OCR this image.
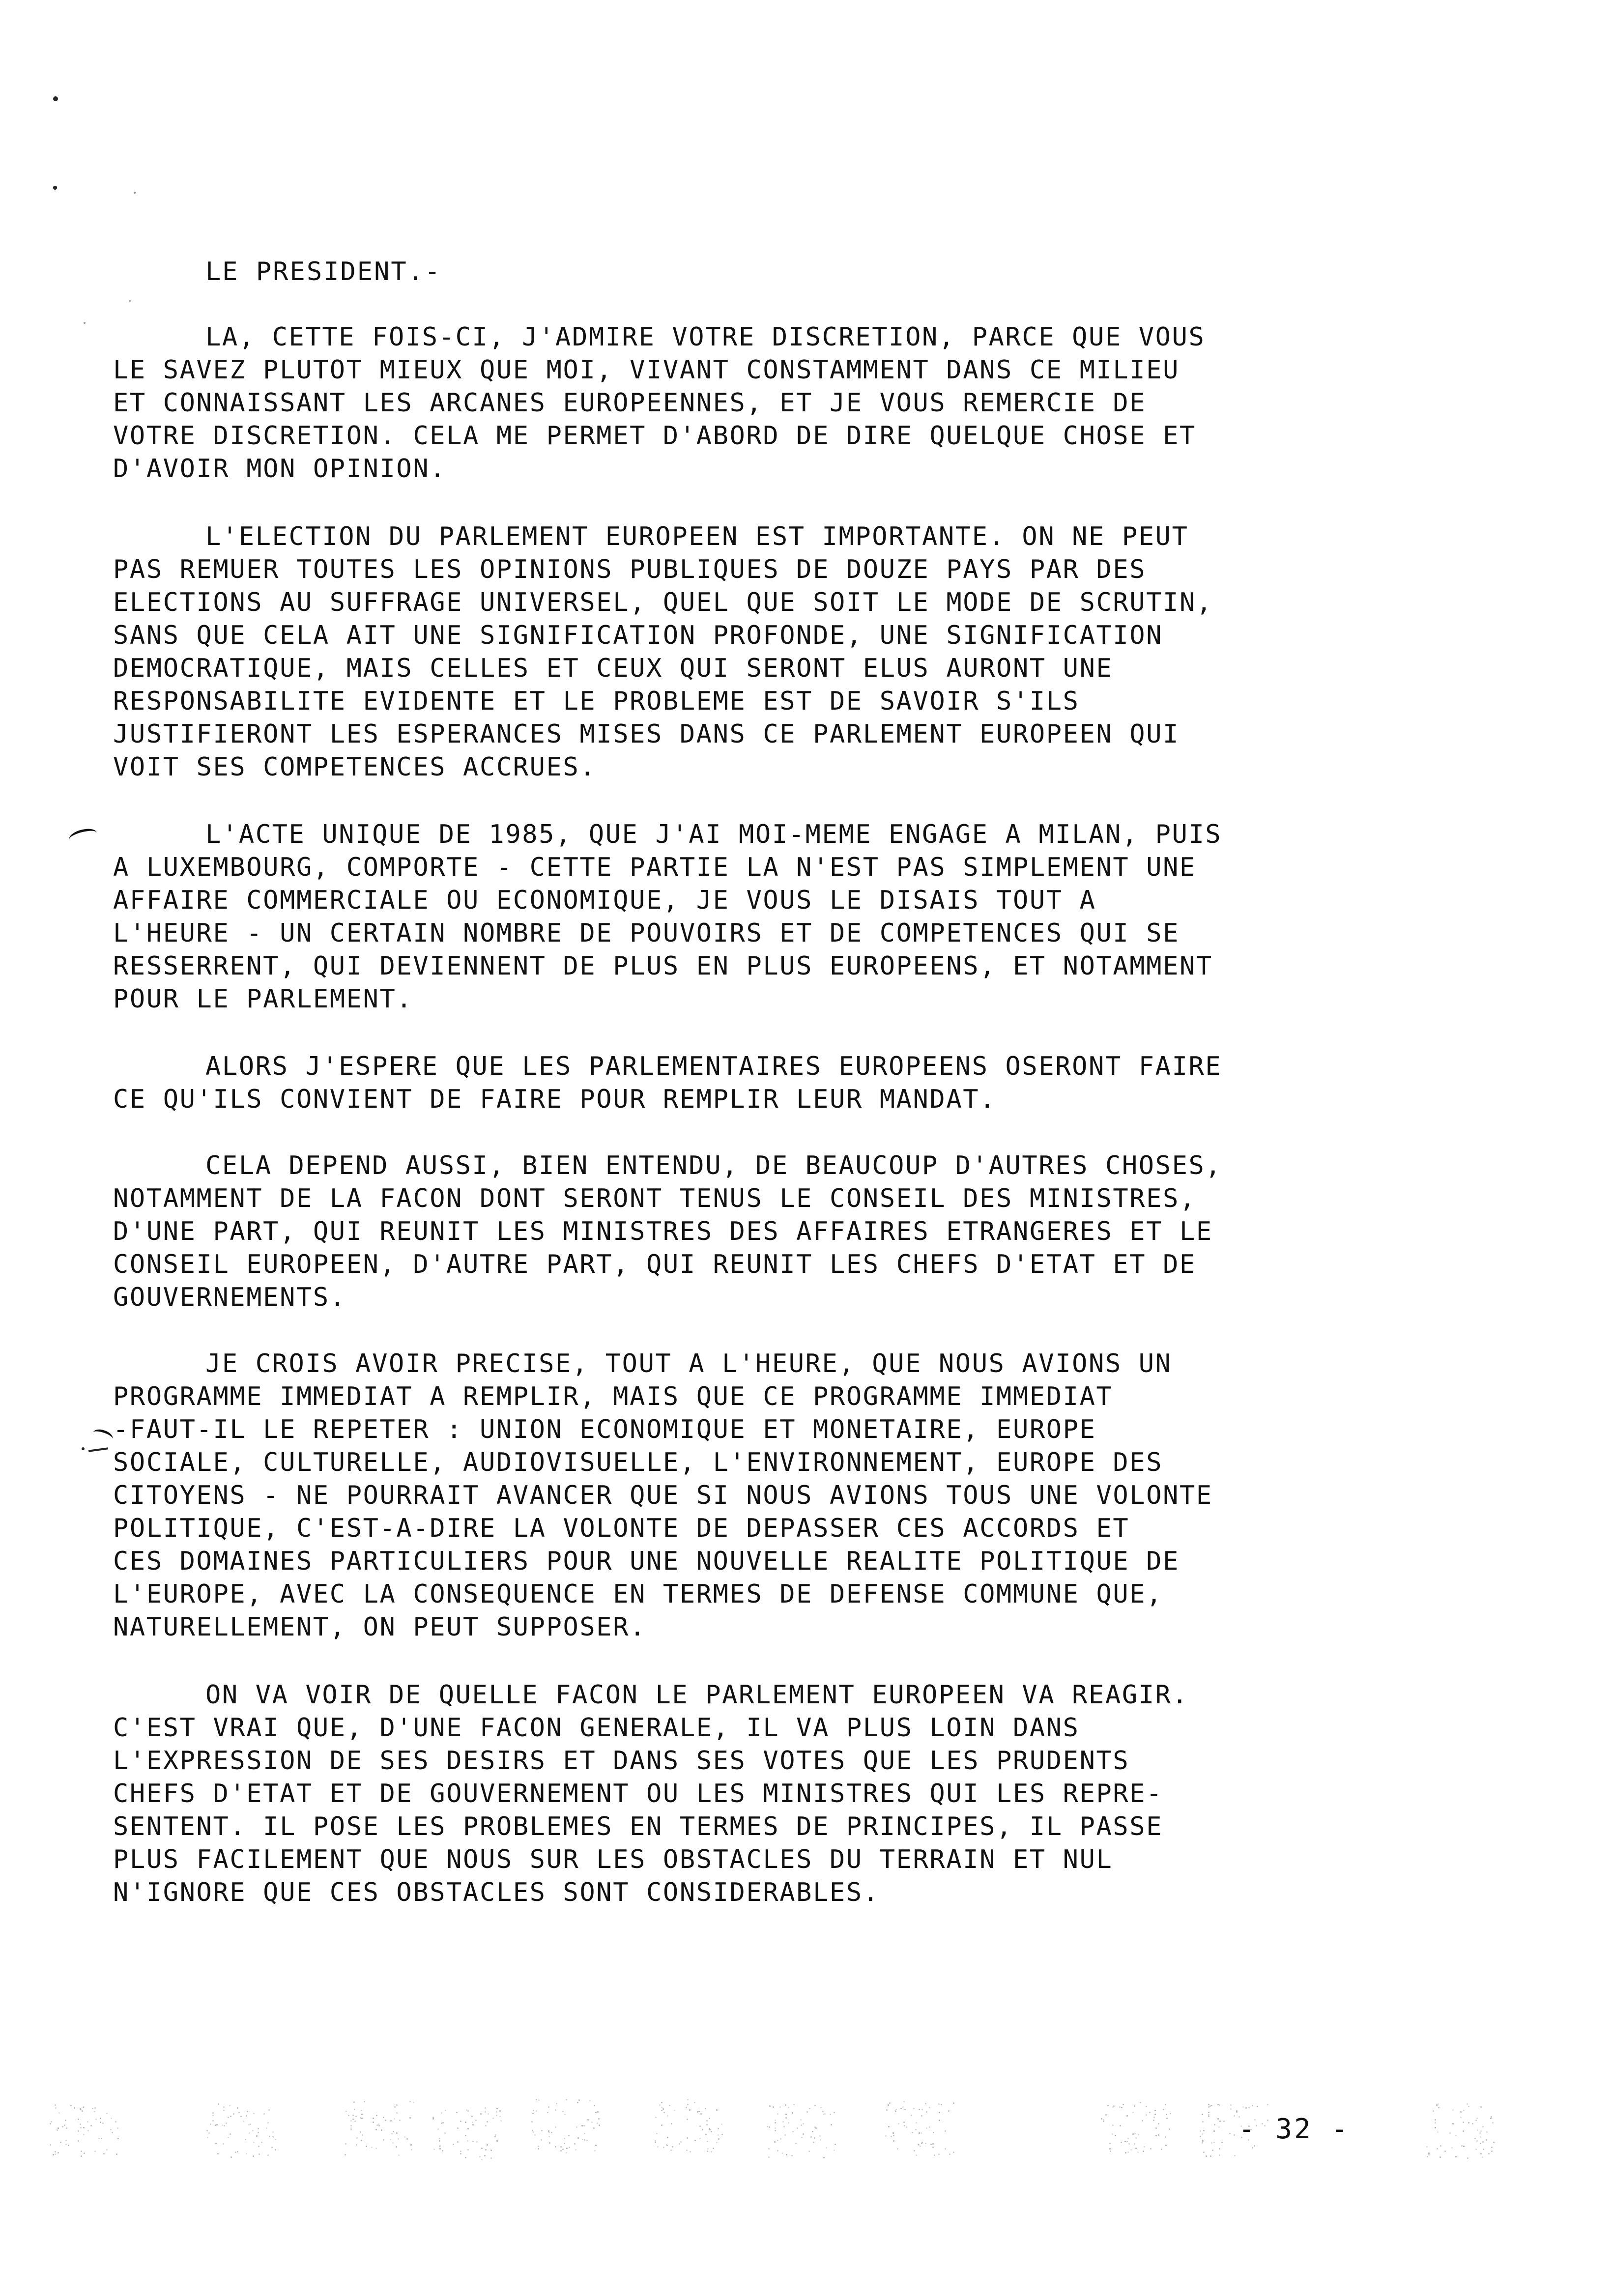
LE PRESIDENT.-
LA, CETTE FOIS-CI, J'ADMIRE VOTRE DISCRETION, PARCE QUE VOUS
LE SAVEZ PLUTOT MIEUX QUE MOI, VIVANT CONSTAMMENT DANS CE MILIEU
ET CONNAISSANT LES ARCANES EUROPEENNES, ET JE VOUS REMERCIE DE
VOTRE DISCRETION. CELA ME PERMET D'ABORD DE DIRE QUELQUE CHOSE ET
D'AVOIR MON OPINION.
L'ELECTION DU PARLEMENT EUROPEEN EST IMPORTANTE. ON NE PEUT
PAS REMUER TOUTES LES OPINIONS PUBLIQUES DE DOUZE PAYS PAR DES
ELECTIONS AU SUFFRAGE UNIVERSEL, QUEL QUE SOIT LE MODE DE SCRUTIN,
SANS QUE CELA AIT UNE SIGNIFICATION PROFONDE, UNE SIGNIFICATION
DEMOCRATIQUE, MAIS CELLES ET CEUX QUI SERONT ELUS AURONT UNE
RESPONSABILITE EVIDENTE ET LE PROBLEME EST DE SAVOIR S'ILS
JUSTIFIERONT LES ESPERANCES MISES DANS CE PARLEMENT EUROPEEN QUI
VOIT SES COMPETENCES ACCRUES.
L'ACTE UNIQUE DE 1985, QUE J'AI MOI-MEME ENGAGE A MILAN, PUIS
A LUXEMBOURG, COMPORTE - CETTE PARTIE LA N'EST PAS SIMPLEMENT UNE
AFFAIRE COMMERCIALE OU ECONOMIQUE, JE VOUS LE DISAIS TOUT A
L'HEURE - UN CERTAIN NOMBRE DE POUVOIRS ET DE COMPETENCES QUI SE
RESSERRENT, QUI DEVIENNENT DE PLUS EN PLUS EUROPEENS, ET NOTAMMENT
POUR LE PARLEMENT.
ALORS J'ESPERE QUE LES PARLEMENTAIRES EUROPEENS OSERONT FAIRE
CE QU'ILS CONVIENT DE FAIRE POUR REMPLIR LEUR MANDAT.
CELA DEPEND AUSSI, BIEN ENTENDU, DE BEAUCOUP D'AUTRES CHOSES,
NOTAMMENT DE LA FACON DONT SERONT TENUS LE CONSEIL DES MINISTRES,
D'UNE PART, QUI REUNIT LES MINISTRES DES AFFAIRES ETRANGERES ET LE
CONSEIL EUROPEEN, D'AUTRE PART, QUI REUNIT LES CHEFS D'ETAT ET DE
GOUVERNEMENTS.
JE CROIS AVOIR PRECISE, TOUT A L'HEURE, QUE NOUS AVIONS UN
PROGRAMME IMMEDIAT A REMPLIR, MAIS QUE CE PROGRAMME IMMEDIAT
-FAUT-IL LE REPETER : UNION ECONOMIQUE ET MONETAIRE, EUROPE
SOCIALE, CULTURELLE, AUDIOVISUELLE, L'ENVIRONNEMENT, EUROPE DES
CITOYENS - NE POURRAIT AVANCER QUE SI NOUS AVIONS TOUS UNE VOLONTE
POLITIQUE, C'EST-A-DIRE LA VOLONTE DE DEPASSER CES ACCORDS ET
CES DOMAINES PARTICULIERS POUR UNE NOUVELLE REALITE POLITIQUE DE
L'EUROPE, AVEC LA CONSEQUENCE EN TERMES DE DEFENSE COMMUNE QUE,
NATURELLEMENT, ON PEUT SUPPOSER.
ON VA VOIR DE QUELLE FACON LE PARLEMENT EUROPEEN VA REAGIR.
C'EST VRAI QUE, D'UNE FACON GENERALE, IL VA PLUS LOIN DANS
L'EXPRESSION DE SES DESIRS ET DANS SES VOTES QUE LES PRUDENTS
CHEFS D'ETAT ET DE GOUVERNEMENT OU LES MINISTRES QUI LES REPRE-
SENTENT. IL POSE LES PROBLEMES EN TERMES DE PRINCIPES, IL PASSE
PLUS FACILEMENT QUE NOUS SUR LES OBSTACLES DU TERRAIN ET NUL
N'IGNORE QUE CES OBSTACLES SONT CONSIDERABLES.
- 32 -
